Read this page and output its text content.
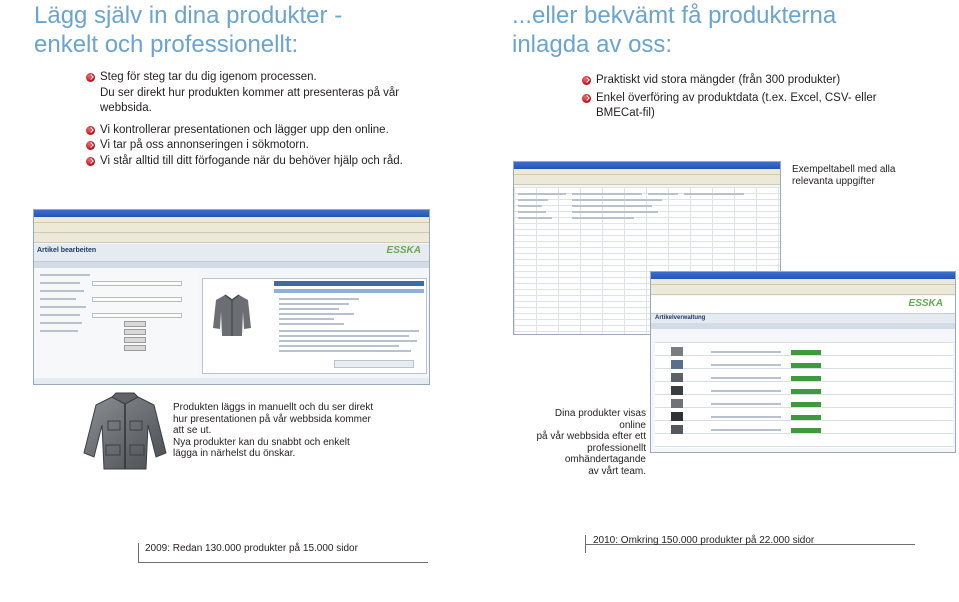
Lägg själv in dina produkter -
enkelt och professionellt:
...eller bekvämt få produkterna
inlagda av oss:
Steg för steg tar du dig igenom processen.
Du ser direkt hur produkten kommer att presenteras på vår webbsida.
Vi kontrollerar presentationen och lägger upp den online.
Vi tar på oss annonseringen i sökmotorn.
Vi står alltid till ditt förfogande när du behöver hjälp och råd.
Praktiskt vid stora mängder (från 300 produkter)
Enkel överföring av produktdata (t.ex. Excel, CSV- eller BMECat-fil)
Exempeltabell med alla
relevanta uppgifter
Artikel bearbeiten	ESSKA
ESSKA
Artikelverwaltung
Produkten läggs in manuellt och du ser direkt
hur presentationen på vår webbsida kommer att se ut.
Nya produkter kan du snabbt och enkelt
lägga in närhelst du önskar.
Dina produkter visas online
på vår webbsida efter ett
professionellt omhändertagande
av vårt team.
2009: Redan 130.000 produkter på 15.000 sidor
2010: Omkring 150.000 produkter på 22.000 sidor
